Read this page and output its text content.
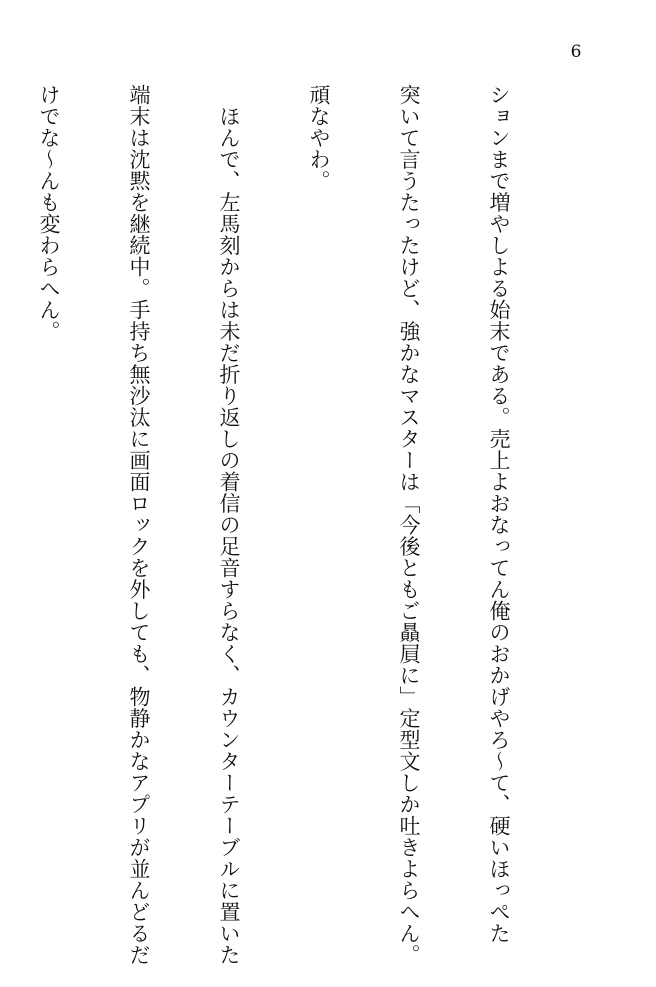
6

ションまで増やしよる始末である。売上よおなってん俺のおかげやろ～て、硬いほっぺた

突いて言うたったけど、強かなマスターは「今後ともご贔屓に」定型文しか吐きよらへん。

頑なやわ。

　ほんで、左馬刻からは未だ折り返しの着信の足音すらなく、カウンターテーブルに置いた

端末は沈黙を継続中。手持ち無沙汰に画面ロックを外しても、物静かなアプリが並んどるだ

けでな～んも変わらへん。
